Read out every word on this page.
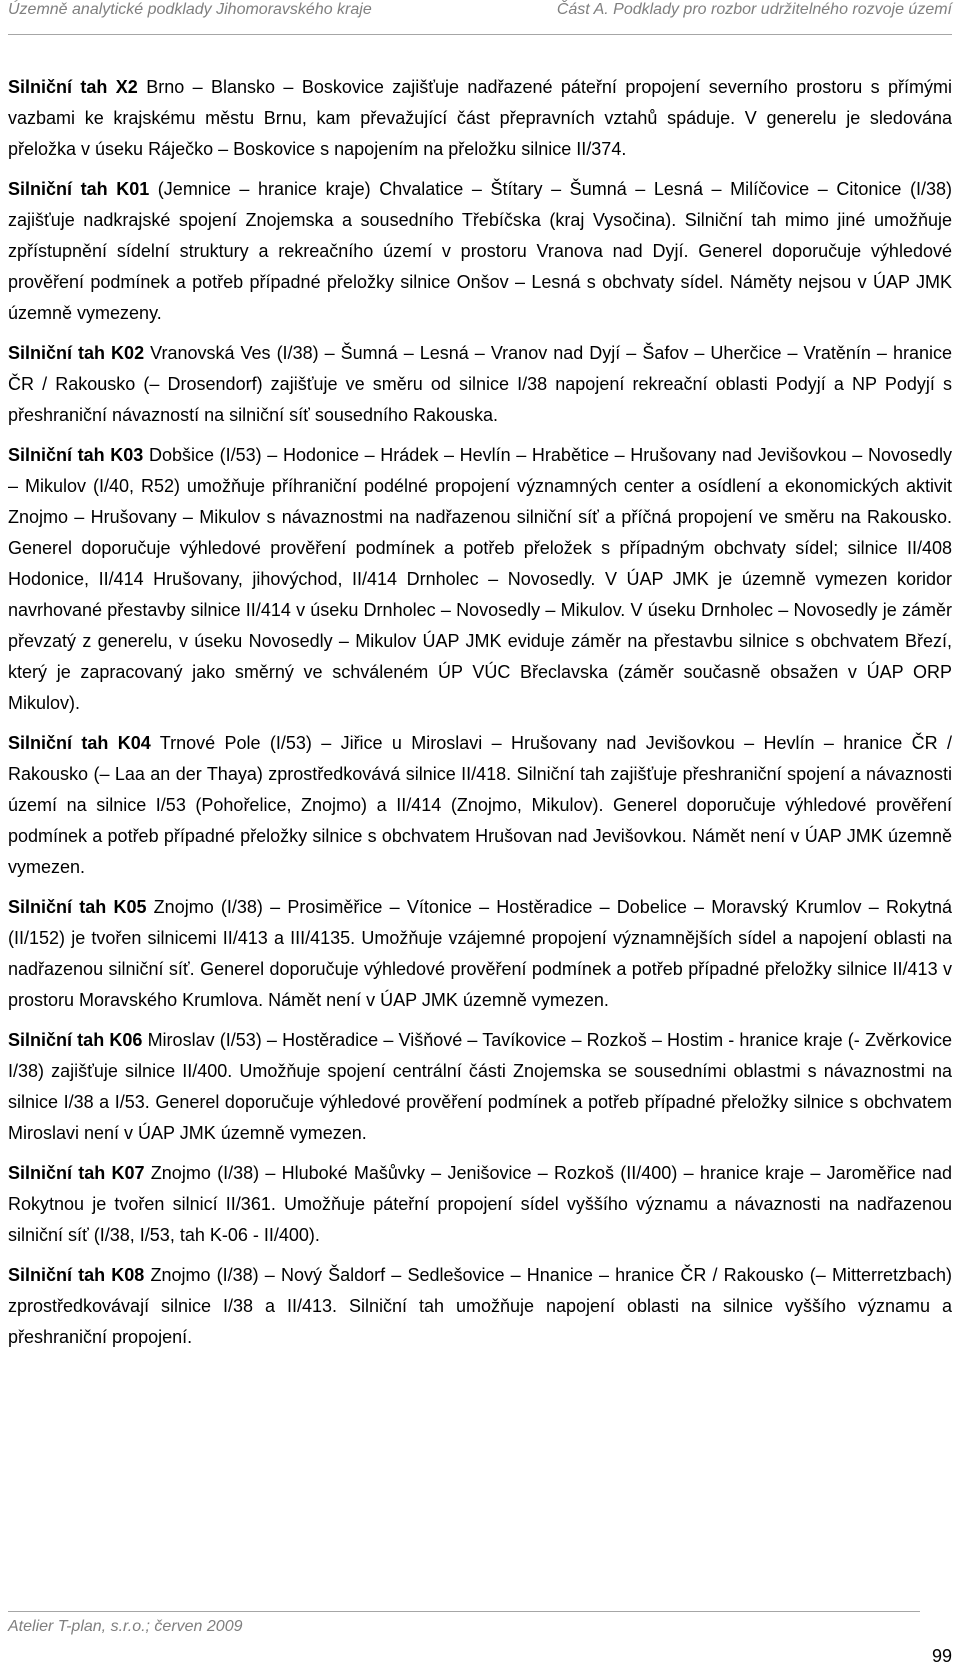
Územně analytické podklady Jihomoravského kraje	Část A. Podklady pro rozbor udržitelného rozvoje území

Silniční tah X2 Brno – Blansko – Boskovice zajišťuje nadřazené páteřní propojení severního prostoru s přímými vazbami ke krajskému městu Brnu, kam převažující část přepravních vztahů spáduje. V generelu je sledována přeložka v úseku Ráječko – Boskovice s napojením na přeložku silnice II/374.

Silniční tah K01 (Jemnice – hranice kraje) Chvalatice – Štítary – Šumná – Lesná – Milíčovice – Citonice (I/38) zajišťuje nadkrajské spojení Znojemska a sousedního Třebíčska (kraj Vysočina). Silniční tah mimo jiné umožňuje zpřístupnění sídelní struktury a rekreačního území v prostoru Vranova nad Dyjí. Generel doporučuje výhledové prověření podmínek a potřeb případné přeložky silnice Onšov – Lesná s obchvaty sídel. Náměty nejsou v ÚAP JMK územně vymezeny.

Silniční tah K02 Vranovská Ves (I/38) – Šumná – Lesná – Vranov nad Dyjí – Šafov – Uherčice – Vratěnín – hranice ČR / Rakousko (– Drosendorf) zajišťuje ve směru od silnice I/38 napojení rekreační oblasti Podyjí a NP Podyjí s přeshraniční návazností na silniční síť sousedního Rakouska.

Silniční tah K03 Dobšice (I/53) – Hodonice – Hrádek – Hevlín – Hrabětice – Hrušovany nad Jevišovkou – Novosedly – Mikulov (I/40, R52) umožňuje příhraniční podélné propojení významných center a osídlení a ekonomických aktivit Znojmo – Hrušovany – Mikulov s návaznostmi na nadřazenou silniční síť a příčná propojení ve směru na Rakousko. Generel doporučuje výhledové prověření podmínek a potřeb přeložek s případným obchvaty sídel; silnice II/408 Hodonice, II/414 Hrušovany, jihovýchod, II/414 Drnholec – Novosedly. V ÚAP JMK je územně vymezen koridor navrhované přestavby silnice II/414 v úseku Drnholec – Novosedly – Mikulov. V úseku Drnholec – Novosedly je záměr převzatý z generelu, v úseku Novosedly – Mikulov ÚAP JMK eviduje záměr na přestavbu silnice s obchvatem Březí, který je zapracovaný jako směrný ve schváleném ÚP VÚC Břeclavska (záměr současně obsažen v ÚAP ORP Mikulov).

Silniční tah K04 Trnové Pole (I/53) – Jiřice u Miroslavi – Hrušovany nad Jevišovkou – Hevlín – hranice ČR / Rakousko (– Laa an der Thaya) zprostředkovává silnice II/418. Silniční tah zajišťuje přeshraniční spojení a návaznosti území na silnice I/53 (Pohořelice, Znojmo) a II/414 (Znojmo, Mikulov). Generel doporučuje výhledové prověření podmínek a potřeb případné přeložky silnice s obchvatem Hrušovan nad Jevišovkou. Námět není v ÚAP JMK územně vymezen.

Silniční tah K05 Znojmo (I/38) – Prosiměřice – Vítonice – Hostěradice – Dobelice – Moravský Krumlov – Rokytná (II/152) je tvořen silnicemi II/413 a III/4135. Umožňuje vzájemné propojení významnějších sídel a napojení oblasti na nadřazenou silniční síť. Generel doporučuje výhledové prověření podmínek a potřeb případné přeložky silnice II/413 v prostoru Moravského Krumlova. Námět není v ÚAP JMK územně vymezen.

Silniční tah K06 Miroslav (I/53) – Hostěradice – Višňové – Tavíkovice – Rozkoš – Hostim - hranice kraje (- Zvěrkovice I/38) zajišťuje silnice II/400. Umožňuje spojení centrální části Znojemska se sousedními oblastmi s návaznostmi na silnice I/38 a I/53. Generel doporučuje výhledové prověření podmínek a potřeb případné přeložky silnice s obchvatem Miroslavi není v ÚAP JMK územně vymezen.

Silniční tah K07 Znojmo (I/38) – Hluboké Mašůvky – Jenišovice – Rozkoš (II/400) – hranice kraje – Jaroměřice nad Rokytnou je tvořen silnicí II/361. Umožňuje páteřní propojení sídel vyššího významu a návaznosti na nadřazenou silniční síť (I/38, I/53, tah K-06 - II/400).

Silniční tah K08 Znojmo (I/38) – Nový Šaldorf – Sedlešovice – Hnanice – hranice ČR / Rakousko (– Mitterretzbach) zprostředkovávají silnice I/38 a II/413. Silniční tah umožňuje napojení oblasti na silnice vyššího významu a přeshraniční propojení.

Atelier T-plan, s.r.o.; červen 2009
99
